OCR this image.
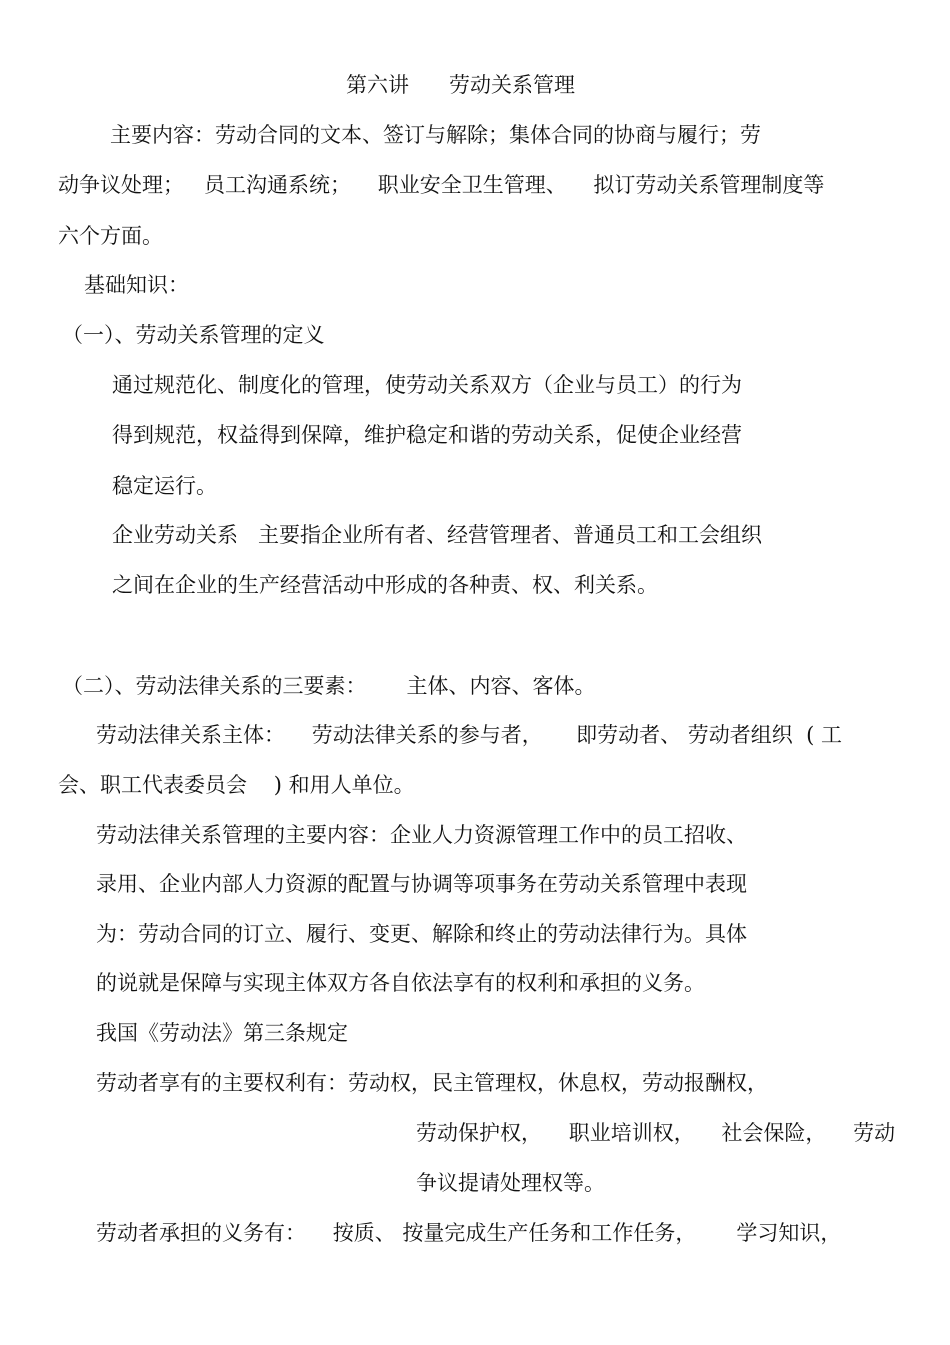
第六讲      劳动关系管理

主要内容：劳动合同的文本、签订与解除；集体合同的协商与履行；劳

动争议处理；   员工沟通系统；    职业安全卫生管理、    拟订劳动关系管理制度等

六个方面。

基础知识：

（一）、劳动关系管理的定义

通过规范化、制度化的管理，使劳动关系双方（企业与员工）的行为

得到规范，权益得到保障，维护稳定和谐的劳动关系，促使企业经营

稳定运行。

企业劳动关系   主要指企业所有者、经营管理者、普通员工和工会组织

之间在企业的生产经营活动中形成的各种责、权、利关系。

（二）、劳动法律关系的三要素：      主体、内容、客体。

劳动法律关系主体：    劳动法律关系的参与者，     即劳动者、 劳动者组织  ( 工

会、职工代表委员会    ) 和用人单位。

劳动法律关系管理的主要内容：企业人力资源管理工作中的员工招收、

录用、企业内部人力资源的配置与协调等项事务在劳动关系管理中表现

为：劳动合同的订立、履行、变更、解除和终止的劳动法律行为。具体

的说就是保障与实现主体双方各自依法享有的权利和承担的义务。

我国《劳动法》第三条规定

劳动者享有的主要权利有：劳动权，民主管理权，休息权，劳动报酬权，

劳动保护权，    职业培训权，    社会保险，    劳动

争议提请处理权等。

劳动者承担的义务有：    按质、 按量完成生产任务和工作任务，      学习知识，
